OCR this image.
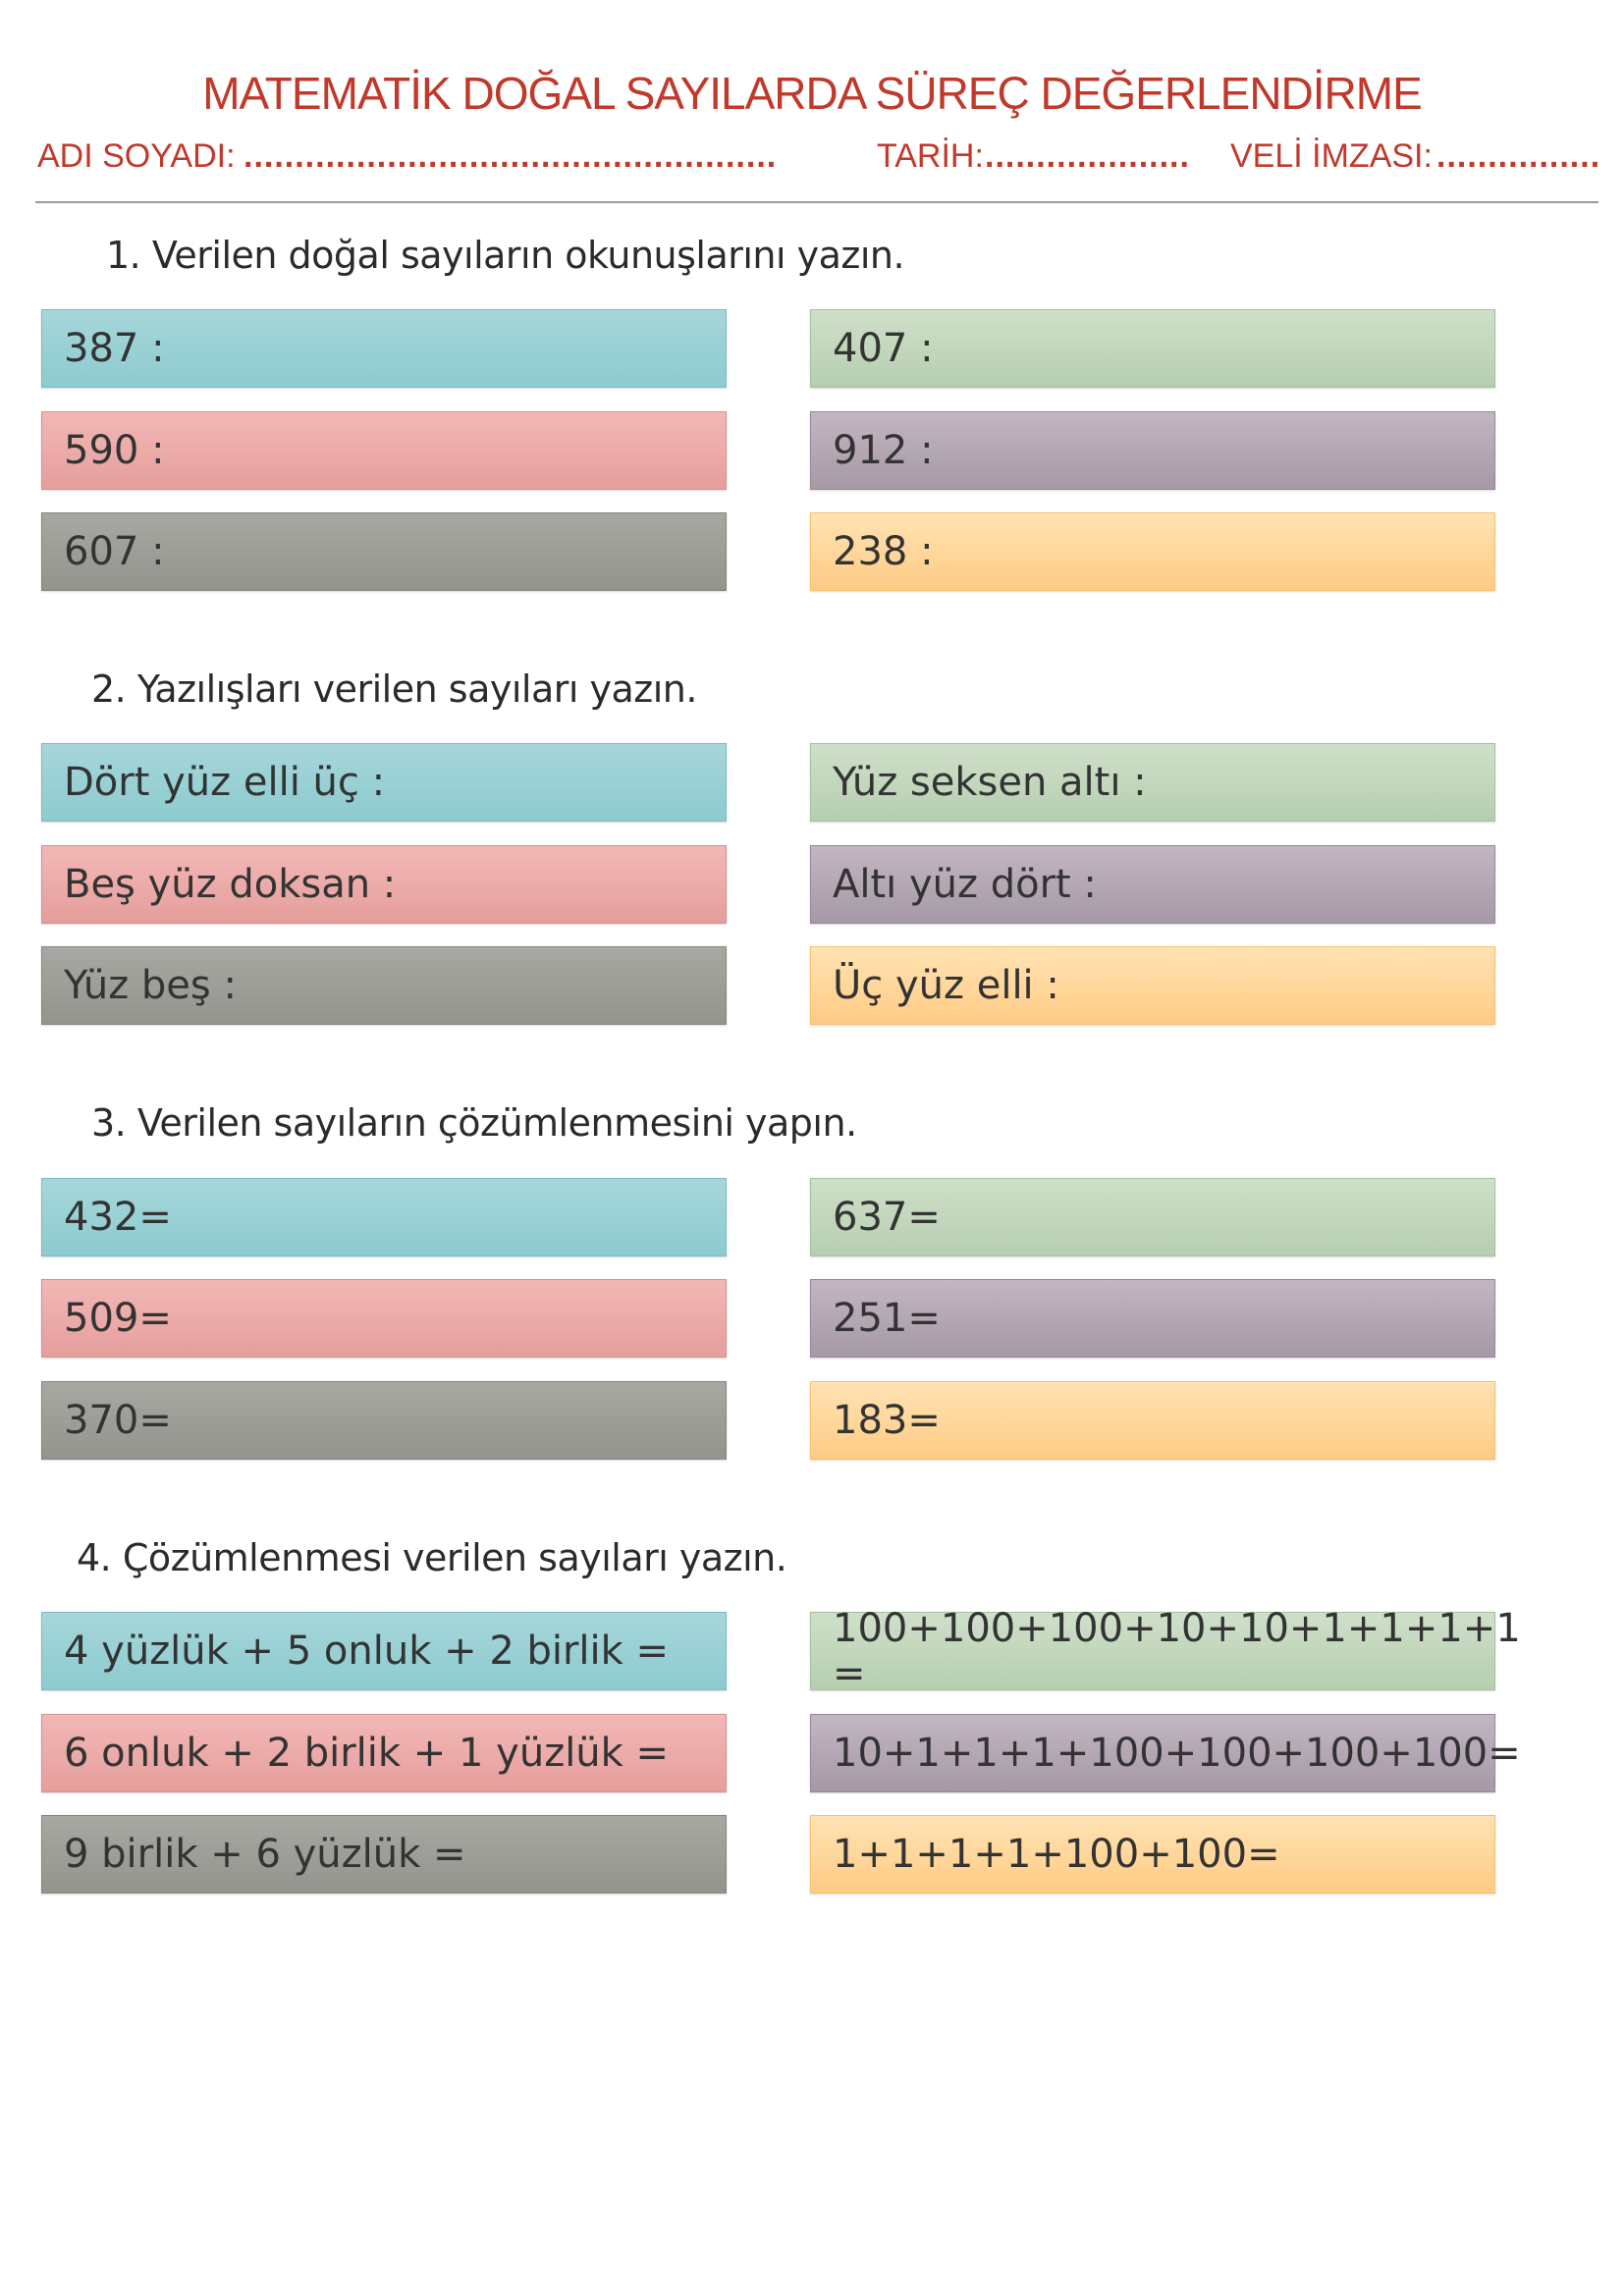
MATEMATİK DOĞAL SAYILARDA SÜREÇ DEĞERLENDİRME
ADI SOYADI: ....................................................	TARİH: ....................	VELİ İMZASI: ................
1. Verilen doğal sayıların okunuşlarını yazın.
387 :	407 :
590 :	912 :
607 :	238 :
2. Yazılışları verilen sayıları yazın.
Dört yüz elli üç :	Yüz seksen altı :
Beş yüz doksan :	Altı yüz dört :
Yüz beş :	Üç yüz elli :
3. Verilen sayıların çözümlenmesini yapın.
432=	637=
509=	251=
370=	183=
4. Çözümlenmesi verilen sayıları yazın.
4 yüzlük + 5 onluk + 2 birlik =	100+100+100+10+10+1+1+1+1 =
6 onluk + 2 birlik + 1 yüzlük =	10+1+1+1+100+100+100+100=
9 birlik + 6 yüzlük =	1+1+1+1+100+100=
